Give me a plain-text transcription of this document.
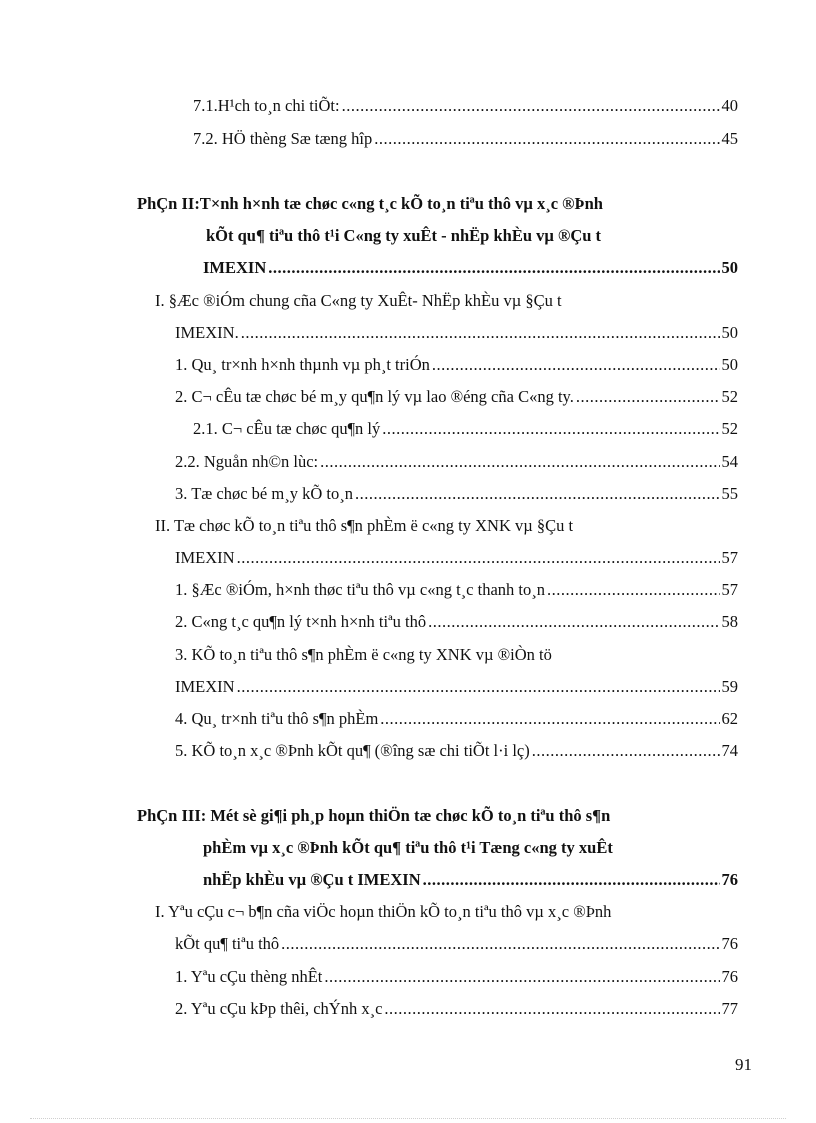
7.1.H¹ch to¸n chi tiÕt: .....	40
7.2. HÖ thèng Sæ tæng hîp .....	45
PhÇn II:T×nh h×nh tæ chøc c«ng t¸c kÕ to¸n tiªu thô vµ x¸c ®Þnh
kÕt qu¶ tiªu thô t¹i C«ng ty xuÊt - nhËp khÈu vµ ®Çu t
IMEXIN .....	50
I. §Æc ®iÓm chung cña C«ng ty XuÊt- NhËp khÈu vµ §Çu t
IMEXIN. .....	50
1. Qu¸ tr×nh h×nh thµnh vµ ph¸t triÓn .....	50
2. C¬ cÊu tæ chøc bé m¸y qu¶n lý vµ lao ®éng cña C«ng ty. .....	52
2.1. C¬ cÊu tæ chøc qu¶n lý .....	52
2.2. Nguån nh©n lùc: .....	54
3. Tæ chøc bé m¸y kÕ to¸n .....	55
II. Tæ chøc kÕ to¸n tiªu thô s¶n phÈm ë c«ng ty XNK vµ §Çu t
IMEXIN .....	57
1. §Æc ®iÓm, h×nh thøc tiªu thô vµ c«ng t¸c thanh to¸n .....	57
2. C«ng t¸c qu¶n lý t×nh h×nh tiªu thô .....	58
3. KÕ to¸n tiªu thô s¶n phÈm ë c«ng ty XNK vµ ®iÒn tö
IMEXIN .....	59
4. Qu¸ tr×nh tiªu thô s¶n phÈm .....	62
5. KÕ to¸n x¸c ®Þnh kÕt qu¶ (®îng sæ chi tiÕt l·i lç) .....	74
PhÇn III: Mét sè gi¶i ph¸p hoµn thiÖn tæ chøc kÕ to¸n tiªu thô s¶n
phÈm vµ x¸c ®Þnh kÕt qu¶ tiªu thô t¹i Tæng c«ng ty xuÊt
nhËp khÈu vµ ®Çu t IMEXIN .....	76
I. Yªu cÇu c¬ b¶n cña viÖc hoµn thiÖn kÕ to¸n tiªu thô vµ x¸c ®Þnh
kÕt qu¶ tiªu thô .....	76
1. Yªu cÇu thèng nhÊt .....	76
2. Yªu cÇu kÞp thêi, chÝnh x¸c .....	77
91
